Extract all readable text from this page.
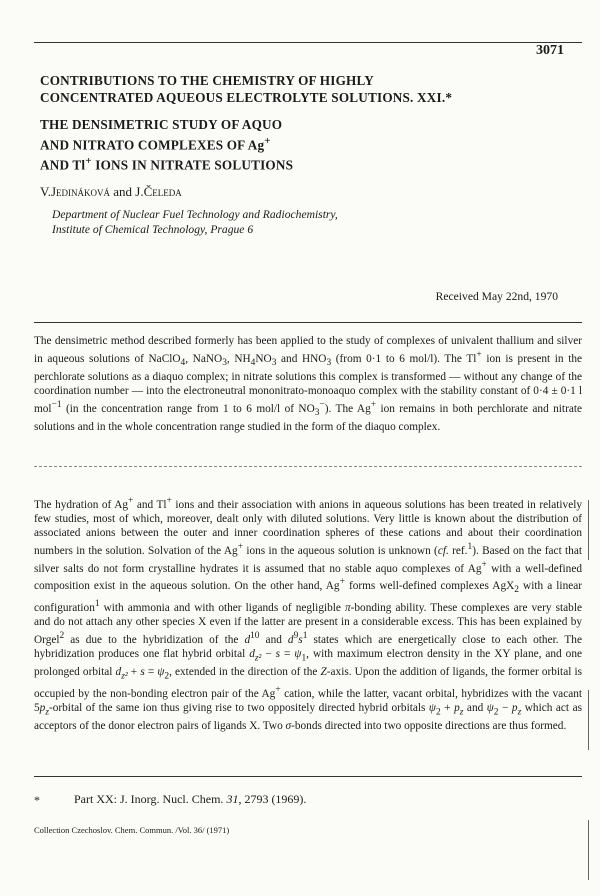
3071
CONTRIBUTIONS TO THE CHEMISTRY OF HIGHLY
CONCENTRATED AQUEOUS ELECTROLYTE SOLUTIONS. XXI.*
THE DENSIMETRIC STUDY OF AQUO
AND NITRATO COMPLEXES OF Ag+
AND Tl+ IONS IN NITRATE SOLUTIONS
V.Jedináková and J.Čeleda
Department of Nuclear Fuel Technology and Radiochemistry,
Institute of Chemical Technology, Prague 6
Received May 22nd, 1970

The densimetric method described formerly has been applied to the study of complexes of univalent thallium and silver in aqueous solutions of NaClO$_4$, NaNO$_3$, $NH_4NO_3$ and $HNO_3$ (from 0·1 to 6 mol/l). The Tl+ ion is present in the perchlorate solutions as a diaquo complex; in nitrate solutions this complex is transformed — without any change of the coordination number — into the electroneutral mononitrato-monoaquo complex with the stability constant of 0·4 ± 0·1 l mol$^{-1}$ (in the concentration range from 1 to 6 mol/l of $NO_3^-$). The Ag+ ion remains in both perchlorate and nitrate solutions and in the whole concentration range studied in the form of the diaquo complex.

The hydration of Ag+ and Tl+ ions and their association with anions in aqueous solutions has been treated in relatively few studies, most of which, moreover, dealt only with diluted solutions. Very little is known about the distribution of associated anions between the outer and inner coordination spheres of these cations and about their coordination numbers in the solution. Solvation of the Ag+ ions in the aqueous solution is unknown (cf. ref.$^1$). Based on the fact that silver salts do not form crystalline hydrates it is assumed that no stable aquo complexes of Ag+ with a well-defined composition exist in the aqueous solution. On the other hand, Ag+ forms well-defined complexes AgX$_2$ with a linear configuration$^1$ with ammonia and with other ligands of negligible π-bonding ability. These complexes are very stable and do not attach any other species X even if the latter are present in a considerable excess. This has been explained by Orgel$^2$ as due to the hybridization of the $d^{10}$ and $d^9s^1$ states which are energetically close to each other. The hybridization produces one flat hybrid orbital $d_{z^2} - s = \psi_1$, with maximum electron density in the XY plane, and one prolonged orbital $d_{z^2} + s = \psi_2$, extended in the direction of the Z-axis. Upon the addition of ligands, the former orbital is occupied by the non-bonding electron pair of the Ag+ cation, while the latter, vacant orbital, hybridizes with the vacant $5p_z$-orbital of the same ion thus giving rise to two oppositely directed hybrid orbitals $\psi_2 + p_z$ and $\psi_2 - p_z$ which act as acceptors of the donor electron pairs of ligands X. Two σ-bonds directed into two opposite directions are thus formed.

*	Part XX: J. Inorg. Nucl. Chem. 31, 2793 (1969).
Collection Czechoslov. Chem. Commun. /Vol. 36/ (1971)
